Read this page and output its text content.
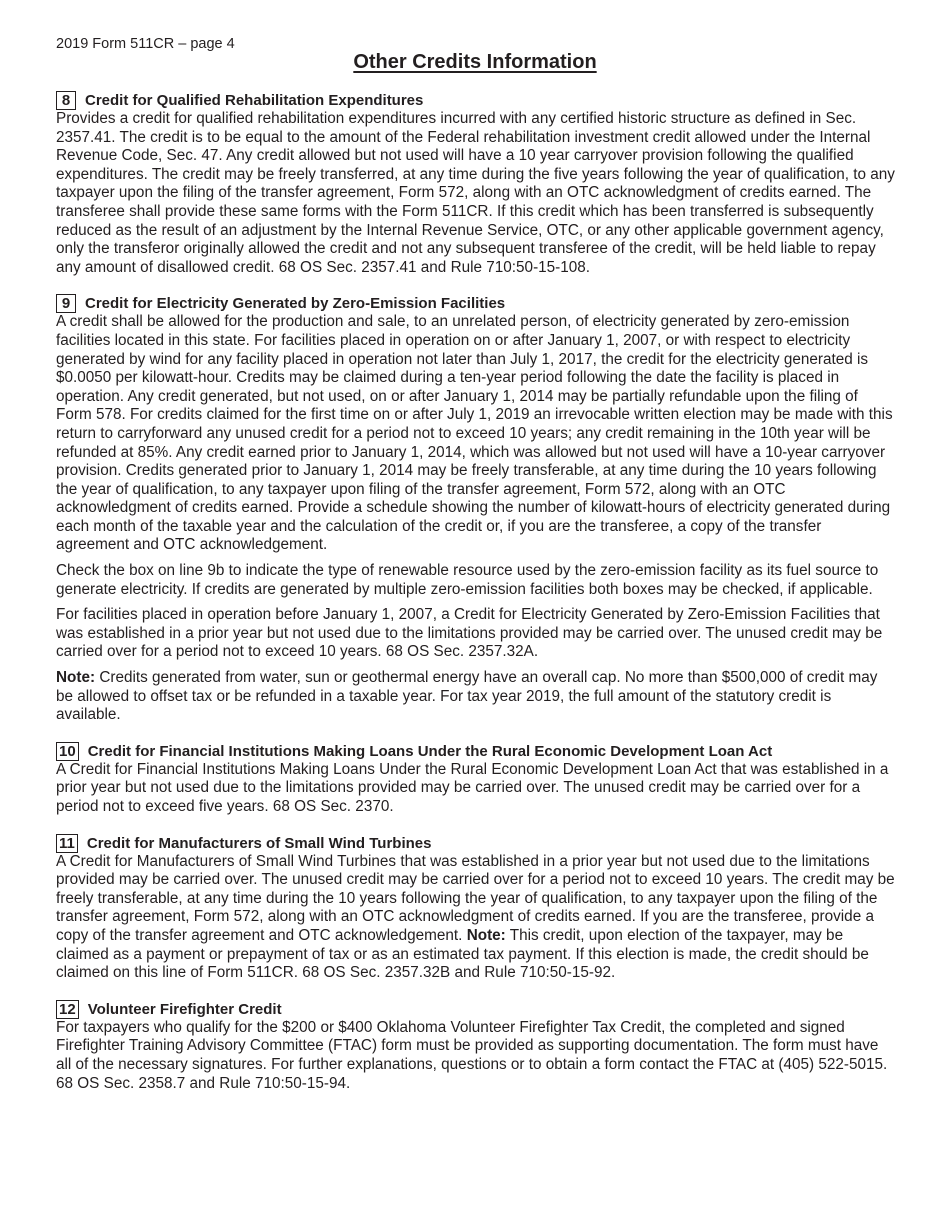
2019 Form 511CR – page 4
Other Credits Information
8 Credit for Qualified Rehabilitation Expenditures

Provides a credit for qualified rehabilitation expenditures incurred with any certified historic structure as defined in Sec. 2357.41. The credit is to be equal to the amount of the Federal rehabilitation investment credit allowed under the Internal Revenue Code, Sec. 47. Any credit allowed but not used will have a 10 year carryover provision following the qualified expenditures. The credit may be freely transferred, at any time during the five years following the year of qualification, to any taxpayer upon the filing of the transfer agreement, Form 572, along with an OTC acknowledgment of credits earned. The transferee shall provide these same forms with the Form 511CR. If this credit which has been transferred is subsequently reduced as the result of an adjustment by the Internal Revenue Service, OTC, or any other applicable government agency, only the transferor originally allowed the credit and not any subsequent transferee of the credit, will be held liable to repay any amount of disallowed credit. 68 OS Sec. 2357.41 and Rule 710:50-15-108.

9 Credit for Electricity Generated by Zero-Emission Facilities

A credit shall be allowed for the production and sale, to an unrelated person, of electricity generated by zero-emission facilities located in this state. For facilities placed in operation on or after January 1, 2007, or with respect to electricity generated by wind for any facility placed in operation not later than July 1, 2017, the credit for the electricity generated is $0.0050 per kilowatt-hour. Credits may be claimed during a ten-year period following the date the facility is placed in operation. Any credit generated, but not used, on or after January 1, 2014 may be partially refundable upon the filing of Form 578. For credits claimed for the first time on or after July 1, 2019 an irrevocable written election may be made with this return to carryforward any unused credit for a period not to exceed 10 years; any credit remaining in the 10th year will be refunded at 85%. Any credit earned prior to January 1, 2014, which was allowed but not used will have a 10-year carryover provision. Credits generated prior to January 1, 2014 may be freely transferable, at any time during the 10 years following the year of qualification, to any taxpayer upon filing of the transfer agreement, Form 572, along with an OTC acknowledgment of credits earned. Provide a schedule showing the number of kilowatt-hours of electricity generated during each month of the taxable year and the calculation of the credit or, if you are the transferee, a copy of the transfer agreement and OTC acknowledgement.

Check the box on line 9b to indicate the type of renewable resource used by the zero-emission facility as its fuel source to generate electricity. If credits are generated by multiple zero-emission facilities both boxes may be checked, if applicable.

For facilities placed in operation before January 1, 2007, a Credit for Electricity Generated by Zero-Emission Facilities that was established in a prior year but not used due to the limitations provided may be carried over. The unused credit may be carried over for a period not to exceed 10 years. 68 OS Sec. 2357.32A.

Note: Credits generated from water, sun or geothermal energy have an overall cap. No more than $500,000 of credit may be allowed to offset tax or be refunded in a taxable year. For tax year 2019, the full amount of the statutory credit is available.

10 Credit for Financial Institutions Making Loans Under the Rural Economic Development Loan Act

A Credit for Financial Institutions Making Loans Under the Rural Economic Development Loan Act that was established in a prior year but not used due to the limitations provided may be carried over. The unused credit may be carried over for a period not to exceed five years. 68 OS Sec. 2370.

11 Credit for Manufacturers of Small Wind Turbines

A Credit for Manufacturers of Small Wind Turbines that was established in a prior year but not used due to the limitations provided may be carried over. The unused credit may be carried over for a period not to exceed 10 years. The credit may be freely transferable, at any time during the 10 years following the year of qualification, to any taxpayer upon the filing of the transfer agreement, Form 572, along with an OTC acknowledgment of credits earned. If you are the transferee, provide a copy of the transfer agreement and OTC acknowledgement. Note: This credit, upon election of the taxpayer, may be claimed as a payment or prepayment of tax or as an estimated tax payment. If this election is made, the credit should be claimed on this line of Form 511CR. 68 OS Sec. 2357.32B and Rule 710:50-15-92.

12 Volunteer Firefighter Credit

For taxpayers who qualify for the $200 or $400 Oklahoma Volunteer Firefighter Tax Credit, the completed and signed Firefighter Training Advisory Committee (FTAC) form must be provided as supporting documentation. The form must have all of the necessary signatures. For further explanations, questions or to obtain a form contact the FTAC at (405) 522-5015. 68 OS Sec. 2358.7 and Rule 710:50-15-94.
